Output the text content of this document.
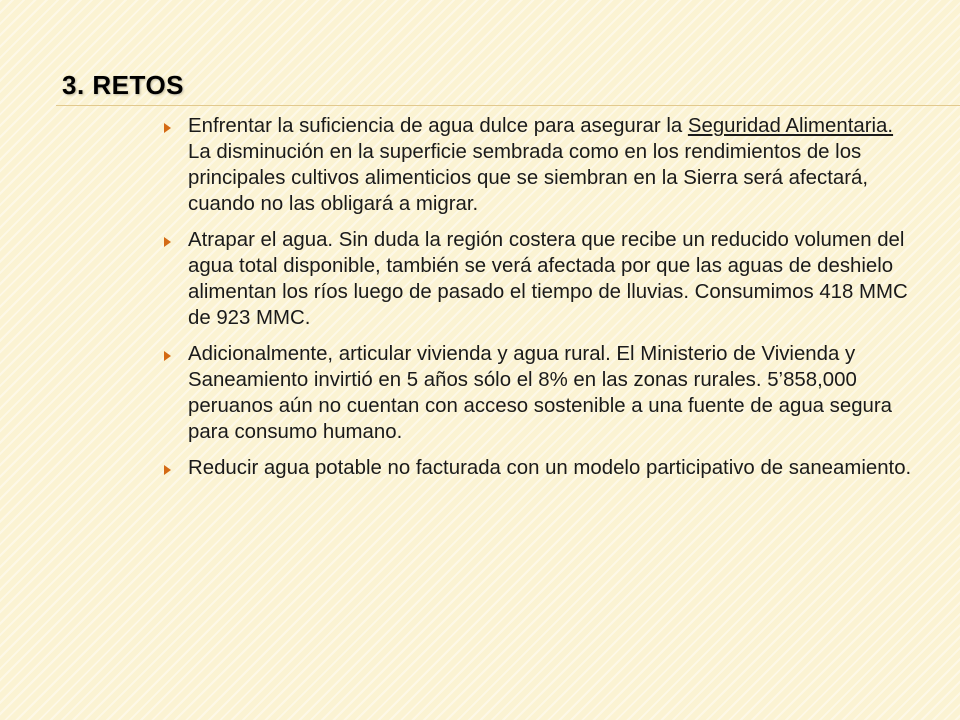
3. RETOS
Enfrentar la suficiencia de agua dulce para asegurar la Seguridad Alimentaria. La disminución en la superficie sembrada como en los rendimientos de los principales cultivos alimenticios que se siembran en la Sierra será afectará, cuando no las obligará a migrar.
Atrapar el agua. Sin duda la región costera que recibe un reducido volumen del agua total disponible, también se verá afectada por que las aguas de deshielo alimentan los ríos luego de pasado el tiempo de lluvias. Consumimos 418 MMC de 923 MMC.
Adicionalmente, articular vivienda y agua rural. El Ministerio de Vivienda y Saneamiento invirtió en 5 años sólo el 8% en las zonas rurales. 5’858,000 peruanos aún no cuentan con acceso sostenible a una fuente de agua segura para consumo humano.
Reducir agua potable no facturada con un modelo participativo de saneamiento.
